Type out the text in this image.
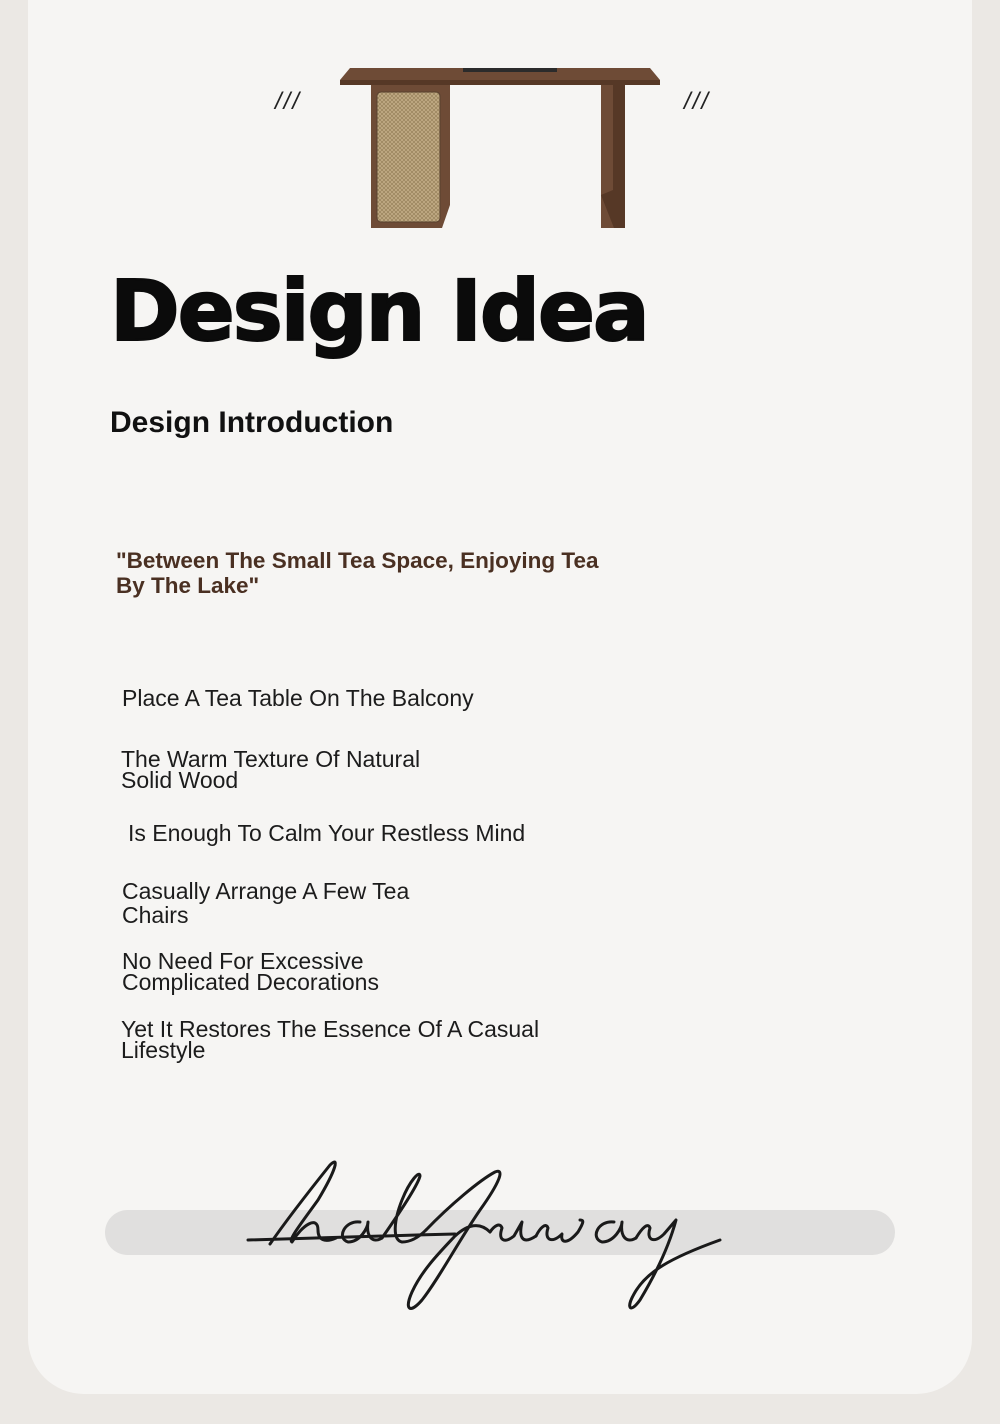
///	///
Design Idea
Design Introduction
"Between The Small Tea Space, Enjoying Tea By The Lake"
Place A Tea Table On The Balcony
The Warm Texture Of Natural Solid Wood
Is Enough To Calm Your Restless Mind
Casually Arrange A Few Tea Chairs
No Need For Excessive Complicated Decorations
Yet It Restores The Essence Of A Casual Lifestyle
